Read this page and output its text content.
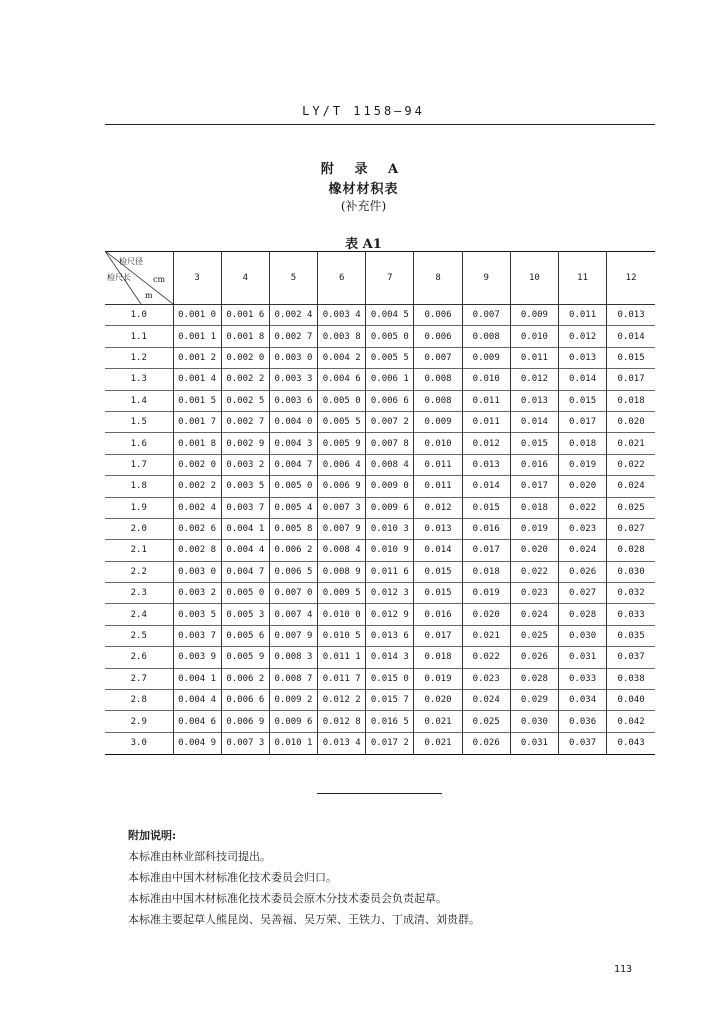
LY/T 1158—94
附 录 A
橡材材积表
(补充件)
表 A1
检尺径
cm
检尺长
m	3	4	5	6	7	8	9	10	11	12
1.0	0.001 0	0.001 6	0.002 4	0.003 4	0.004 5	0.006	0.007	0.009	0.011	0.013
1.1	0.001 1	0.001 8	0.002 7	0.003 8	0.005 0	0.006	0.008	0.010	0.012	0.014
1.2	0.001 2	0.002 0	0.003 0	0.004 2	0.005 5	0.007	0.009	0.011	0.013	0.015
1.3	0.001 4	0.002 2	0.003 3	0.004 6	0.006 1	0.008	0.010	0.012	0.014	0.017
1.4	0.001 5	0.002 5	0.003 6	0.005 0	0.006 6	0.008	0.011	0.013	0.015	0.018
1.5	0.001 7	0.002 7	0.004 0	0.005 5	0.007 2	0.009	0.011	0.014	0.017	0.020
1.6	0.001 8	0.002 9	0.004 3	0.005 9	0.007 8	0.010	0.012	0.015	0.018	0.021
1.7	0.002 0	0.003 2	0.004 7	0.006 4	0.008 4	0.011	0.013	0.016	0.019	0.022
1.8	0.002 2	0.003 5	0.005 0	0.006 9	0.009 0	0.011	0.014	0.017	0.020	0.024
1.9	0.002 4	0.003 7	0.005 4	0.007 3	0.009 6	0.012	0.015	0.018	0.022	0.025
2.0	0.002 6	0.004 1	0.005 8	0.007 9	0.010 3	0.013	0.016	0.019	0.023	0.027
2.1	0.002 8	0.004 4	0.006 2	0.008 4	0.010 9	0.014	0.017	0.020	0.024	0.028
2.2	0.003 0	0.004 7	0.006 5	0.008 9	0.011 6	0.015	0.018	0.022	0.026	0.030
2.3	0.003 2	0.005 0	0.007 0	0.009 5	0.012 3	0.015	0.019	0.023	0.027	0.032
2.4	0.003 5	0.005 3	0.007 4	0.010 0	0.012 9	0.016	0.020	0.024	0.028	0.033
2.5	0.003 7	0.005 6	0.007 9	0.010 5	0.013 6	0.017	0.021	0.025	0.030	0.035
2.6	0.003 9	0.005 9	0.008 3	0.011 1	0.014 3	0.018	0.022	0.026	0.031	0.037
2.7	0.004 1	0.006 2	0.008 7	0.011 7	0.015 0	0.019	0.023	0.028	0.033	0.038
2.8	0.004 4	0.006 6	0.009 2	0.012 2	0.015 7	0.020	0.024	0.029	0.034	0.040
2.9	0.004 6	0.006 9	0.009 6	0.012 8	0.016 5	0.021	0.025	0.030	0.036	0.042
3.0	0.004 9	0.007 3	0.010 1	0.013 4	0.017 2	0.021	0.026	0.031	0.037	0.043
附加说明:
本标准由林业部科技司提出。
本标准由中国木材标准化技术委员会归口。
本标准由中国木材标准化技术委员会原木分技术委员会负责起草。
本标准主要起草人熊昆岗、吴善福、吴万荣、王铁力、丁成清、刘贵群。
113
